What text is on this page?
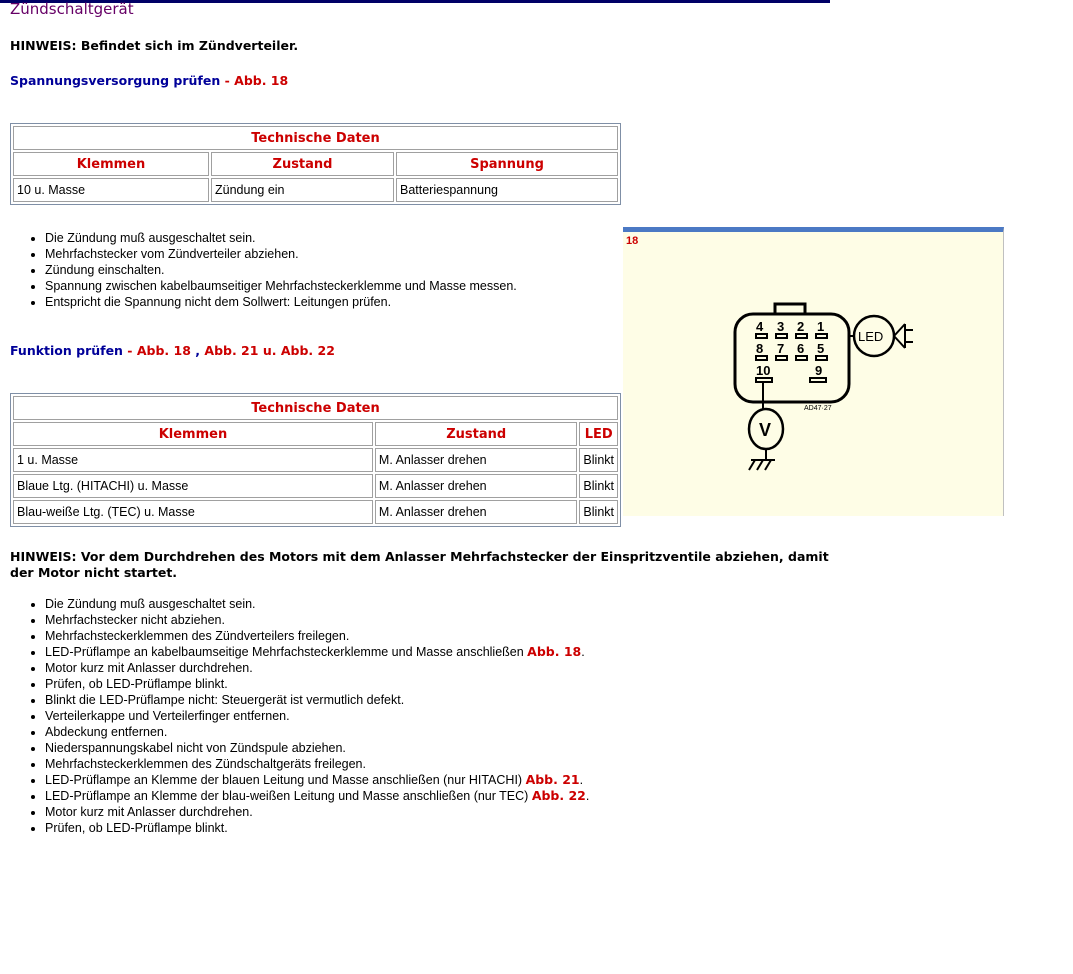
Zündschaltgerät
HINWEIS: Befindet sich im Zündverteiler.
Spannungsversorgung prüfen - Abb. 18
Technische Daten		
Klemmen	Zustand	Spannung
10 u. Masse	Zündung ein	Batteriespannung
• Die Zündung muß ausgeschaltet sein.
• Mehrfachstecker vom Zündverteiler abziehen.
• Zündung einschalten.
• Spannung zwischen kabelbaumseitiger Mehrfachsteckerklemme und Masse messen.
• Entspricht die Spannung nicht dem Sollwert: Leitungen prüfen.
Funktion prüfen - Abb. 18 , Abb. 21 u. Abb. 22
Technische Daten		
Klemmen	Zustand	LED
1 u. Masse	M. Anlasser drehen	Blinkt
Blaue Ltg. (HITACHI) u. Masse	M. Anlasser drehen	Blinkt
Blau-weiße Ltg. (TEC) u. Masse	M. Anlasser drehen	Blinkt
18
4 3 2 1
8 7 6 5
10	9
LED
V
AD47·27
HINWEIS: Vor dem Durchdrehen des Motors mit dem Anlasser Mehrfachstecker der Einspritzventile abziehen, damit der Motor nicht startet.
• Die Zündung muß ausgeschaltet sein.
• Mehrfachstecker nicht abziehen.
• Mehrfachsteckerklemmen des Zündverteilers freilegen.
• LED-Prüflampe an kabelbaumseitige Mehrfachsteckerklemme und Masse anschließen Abb. 18.
• Motor kurz mit Anlasser durchdrehen.
• Prüfen, ob LED-Prüflampe blinkt.
• Blinkt die LED-Prüflampe nicht: Steuergerät ist vermutlich defekt.
• Verteilerkappe und Verteilerfinger entfernen.
• Abdeckung entfernen.
• Niederspannungskabel nicht von Zündspule abziehen.
• Mehrfachsteckerklemmen des Zündschaltgeräts freilegen.
• LED-Prüflampe an Klemme der blauen Leitung und Masse anschließen (nur HITACHI) Abb. 21.
• LED-Prüflampe an Klemme der blau-weißen Leitung und Masse anschließen (nur TEC) Abb. 22.
• Motor kurz mit Anlasser durchdrehen.
• Prüfen, ob LED-Prüflampe blinkt.
